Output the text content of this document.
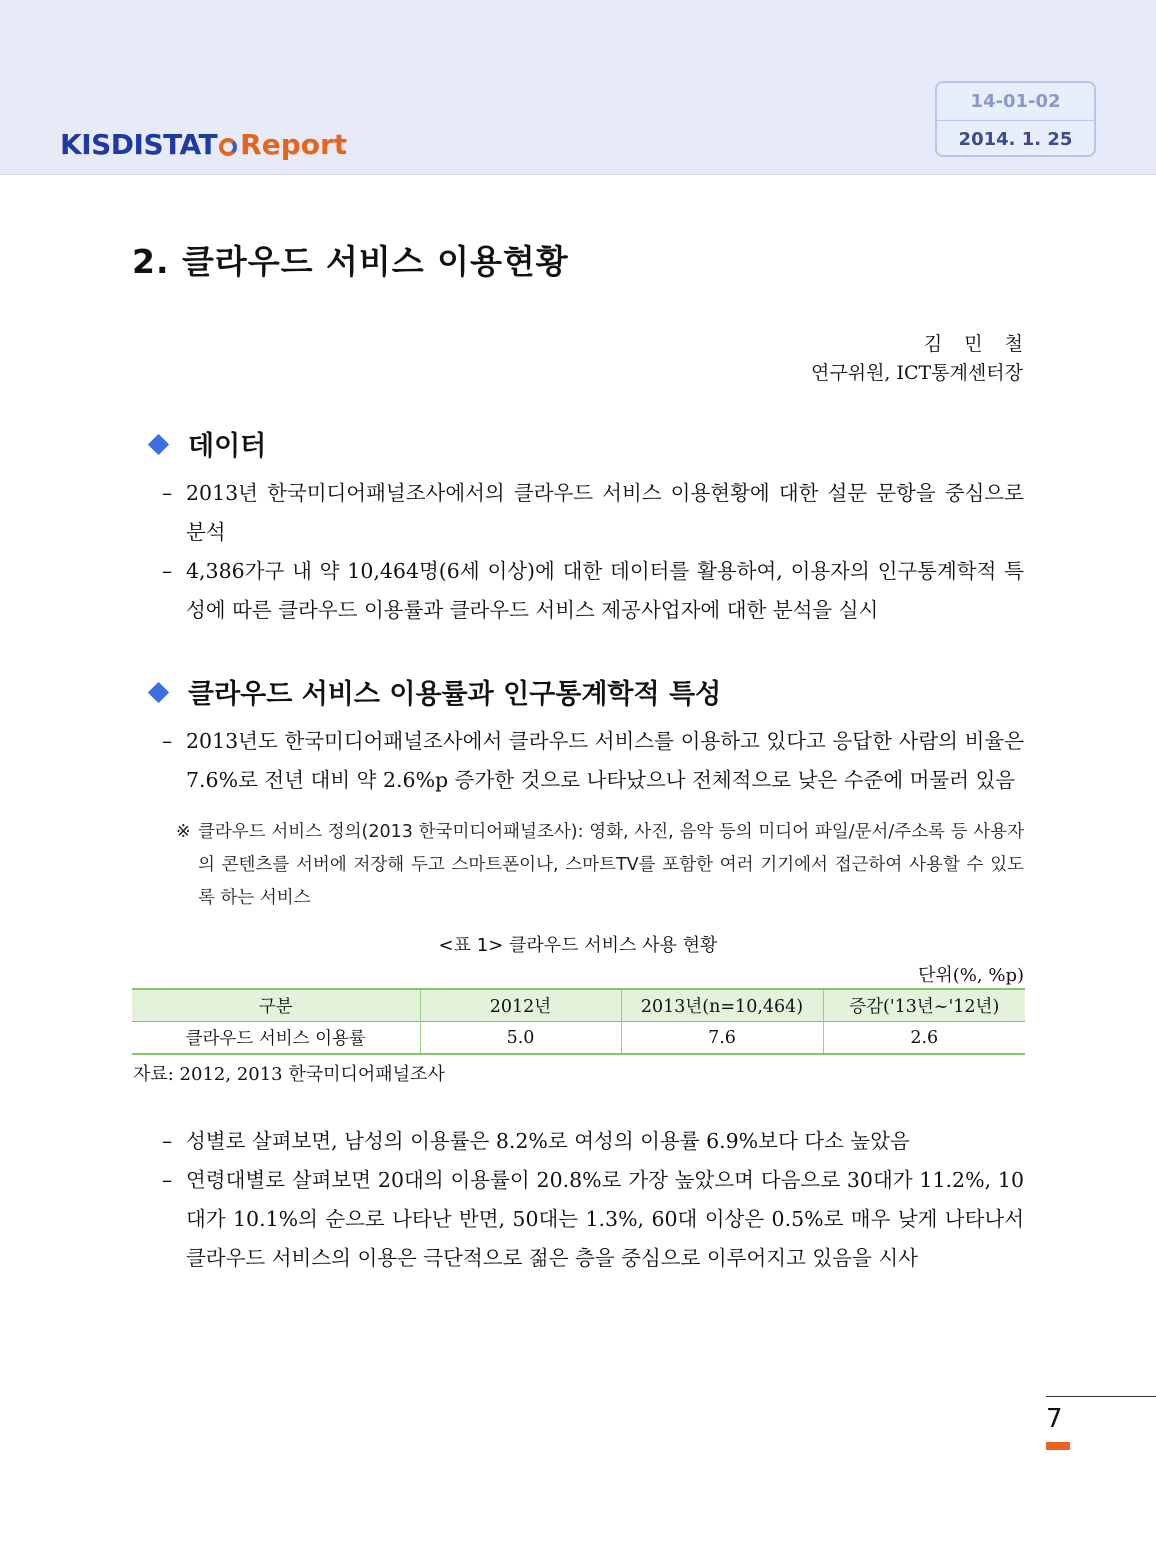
KISDISTAT Report
14-01-02
2014. 1. 25
2. 클라우드 서비스 이용현황
김 민 철
연구위원, ICT통계센터장
데이터
– 2013년 한국미디어패널조사에서의 클라우드 서비스 이용현황에 대한 설문 문항을 중심으로 분석
– 4,386가구 내 약 10,464명(6세 이상)에 대한 데이터를 활용하여, 이용자의 인구통계학적 특성에 따른 클라우드 이용률과 클라우드 서비스 제공사업자에 대한 분석을 실시
클라우드 서비스 이용률과 인구통계학적 특성
– 2013년도 한국미디어패널조사에서 클라우드 서비스를 이용하고 있다고 응답한 사람의 비율은 7.6%로 전년 대비 약 2.6%p 증가한 것으로 나타났으나 전체적으로 낮은 수준에 머물러 있음
※ 클라우드 서비스 정의(2013 한국미디어패널조사): 영화, 사진, 음악 등의 미디어 파일/문서/주소록 등 사용자의 콘텐츠를 서버에 저장해 두고 스마트폰이나, 스마트TV를 포함한 여러 기기에서 접근하여 사용할 수 있도록 하는 서비스
<표 1> 클라우드 서비스 사용 현황
단위(%, %p)
구분	2012년	2013년(n=10,464)	증감('13년~'12년)
클라우드 서비스 이용률	5.0	7.6	2.6
자료: 2012, 2013 한국미디어패널조사
– 성별로 살펴보면, 남성의 이용률은 8.2%로 여성의 이용률 6.9%보다 다소 높았음
– 연령대별로 살펴보면 20대의 이용률이 20.8%로 가장 높았으며 다음으로 30대가 11.2%, 10대가 10.1%의 순으로 나타난 반면, 50대는 1.3%, 60대 이상은 0.5%로 매우 낮게 나타나서 클라우드 서비스의 이용은 극단적으로 젊은 층을 중심으로 이루어지고 있음을 시사
7
